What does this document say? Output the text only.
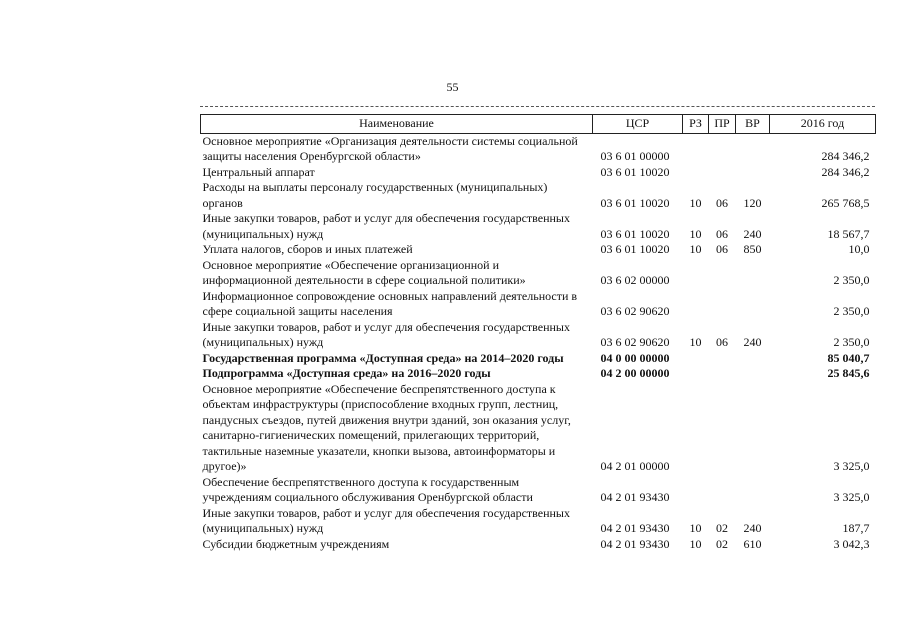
55
Наименование	ЦСР	РЗ	ПР	ВР	2016 год
Основное мероприятие «Организация деятельности системы социальной защиты населения Оренбургской области»	03 6 01 00000				284 346,2
Центральный аппарат	03 6 01 10020				284 346,2
Расходы на выплаты персоналу государственных (муниципальных) органов	03 6 01 10020	10	06	120	265 768,5
Иные закупки товаров, работ и услуг для обеспечения государственных (муниципальных) нужд	03 6 01 10020	10	06	240	18 567,7
Уплата налогов, сборов и иных платежей	03 6 01 10020	10	06	850	10,0
Основное мероприятие «Обеспечение организационной и информационной деятельности в сфере социальной политики»	03 6 02 00000				2 350,0
Информационное сопровождение основных направлений деятельности в сфере социальной защиты населения	03 6 02 90620				2 350,0
Иные закупки товаров, работ и услуг для обеспечения государственных (муниципальных) нужд	03 6 02 90620	10	06	240	2 350,0
Государственная программа «Доступная среда» на 2014–2020 годы	04 0 00 00000				85 040,7
Подпрограмма «Доступная среда» на 2016–2020 годы	04 2 00 00000				25 845,6
Основное мероприятие «Обеспечение беспрепятственного доступа к объектам инфраструктуры (приспособление входных групп, лестниц, пандусных съездов, путей движения внутри зданий, зон оказания услуг, санитарно-гигиенических помещений, прилегающих территорий, тактильные наземные указатели, кнопки вызова, автоинформаторы и другое)»	04 2 01 00000				3 325,0
Обеспечение беспрепятственного доступа к государственным учреждениям социального обслуживания Оренбургской области	04 2 01 93430				3 325,0
Иные закупки товаров, работ и услуг для обеспечения государственных (муниципальных) нужд	04 2 01 93430	10	02	240	187,7
Субсидии бюджетным учреждениям	04 2 01 93430	10	02	610	3 042,3
